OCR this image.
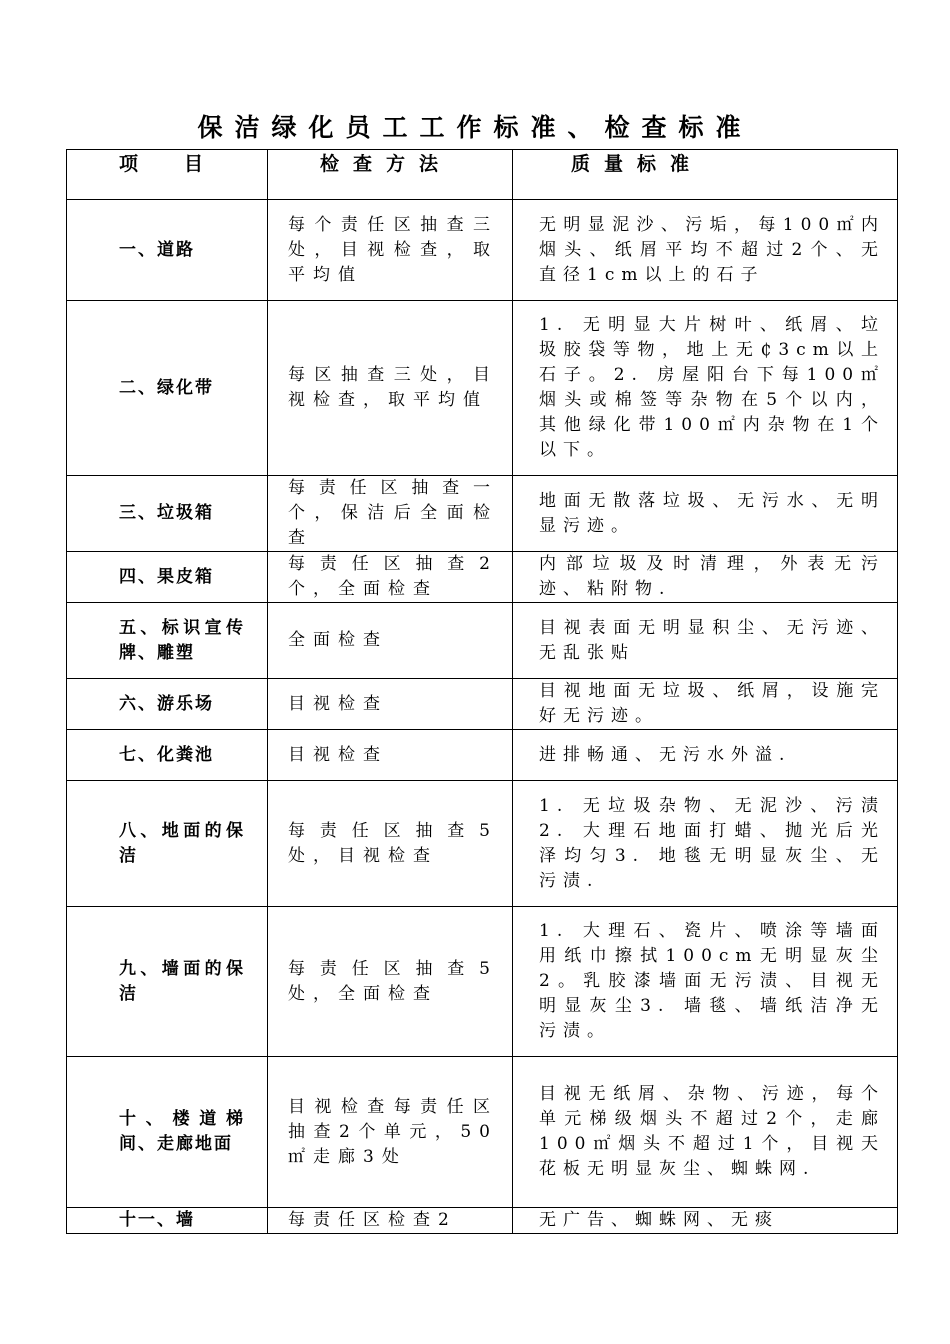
保洁绿化员工工作标准、检查标准
项目	检查方法	质量标准
一、道路	每个责任区抽查三处，目视检查，取平均值	无明显泥沙、污垢，每100㎡内烟头、纸屑平均不超过2个、无直径1cm以上的石子
二、绿化带	每区抽查三处，目视检查，取平均值	1. 无明显大片树叶、纸屑、垃圾胶袋等物，地上无₵3cm以上石子。2. 房屋阳台下每100㎡烟头或棉签等杂物在5个以内，其他绿化带100㎡内杂物在1个以下。
三、垃圾箱	每责任区抽查一个，保洁后全面检查	地面无散落垃圾、无污水、无明显污迹。
四、果皮箱	每责任区抽查2个，全面检查	内部垃圾及时清理，外表无污迹、粘附物.
五、标识宣传牌、雕塑	全面检查	目视表面无明显积尘、无污迹、无乱张贴
六、游乐场	目视检查	目视地面无垃圾、纸屑，设施完好无污迹。
七、化粪池	目视检查	进排畅通、无污水外溢.
八、地面的保洁	每责任区抽查5处，目视检查	1. 无垃圾杂物、无泥沙、污渍2. 大理石地面打蜡、抛光后光泽均匀3. 地毯无明显灰尘、无污渍.
九、墙面的保洁	每责任区抽查5处，全面检查	1. 大理石、瓷片、喷涂等墙面用纸巾擦拭100cm无明显灰尘2。乳胶漆墙面无污渍、目视无明显灰尘3. 墙毯、墙纸洁净无污渍。
十、楼道梯间、走廊地面	目视检查每责任区抽查2个单元，50㎡走廊3处	目视无纸屑、杂物、污迹，每个单元梯级烟头不超过2个，走廊100㎡烟头不超过1个，目视天花板无明显灰尘、蜘蛛网.
十一、墙	每责任区检查2	无广告、蜘蛛网、无痰
